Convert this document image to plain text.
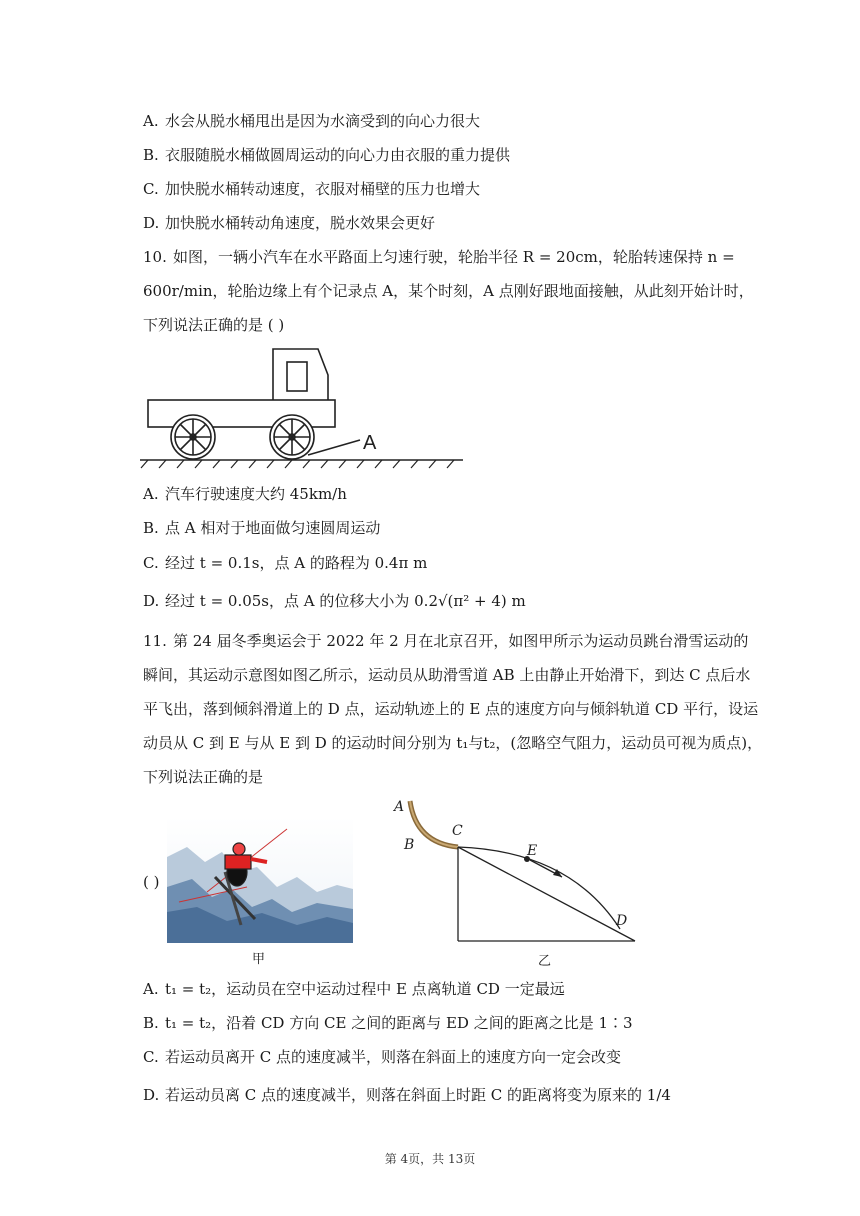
A. 水会从脱水桶甩出是因为水滴受到的向心力很大
B. 衣服随脱水桶做圆周运动的向心力由衣服的重力提供
C. 加快脱水桶转动速度，衣服对桶壁的压力也增大
D. 加快脱水桶转动角速度，脱水效果会更好
10. 如图，一辆小汽车在水平路面上匀速行驶，轮胎半径 R = 20cm，轮胎转速保持 n =
600r/min，轮胎边缘上有个记录点 A，某个时刻，A 点刚好跟地面接触，从此刻开始计时，
下列说法正确的是 ( )
A
A. 汽车行驶速度大约 45km/h
B. 点 A 相对于地面做匀速圆周运动
C. 经过 t = 0.1s，点 A 的路程为 0.4π m
D. 经过 t = 0.05s，点 A 的位移大小为 0.2√(π² + 4) m
11. 第 24 届冬季奥运会于 2022 年 2 月在北京召开，如图甲所示为运动员跳台滑雪运动的
瞬间，其运动示意图如图乙所示，运动员从助滑雪道 AB 上由静止开始滑下，到达 C 点后水
平飞出，落到倾斜滑道上的 D 点，运动轨迹上的 E 点的速度方向与倾斜轨道 CD 平行，设运
动员从 C 到 E 与从 E 到 D 的运动时间分别为 t₁与t₂，(忽略空气阻力，运动员可视为质点)，
下列说法正确的是
( )
甲
A
B
C
E
D
乙
A. t₁ = t₂，运动员在空中运动过程中 E 点离轨道 CD 一定最远
B. t₁ = t₂，沿着 CD 方向 CE 之间的距离与 ED 之间的距离之比是 1∶3
C. 若运动员离开 C 点的速度减半，则落在斜面上的速度方向一定会改变
D. 若运动员离 C 点的速度减半，则落在斜面上时距 C 的距离将变为原来的 1/4
第 4页，共 13页
